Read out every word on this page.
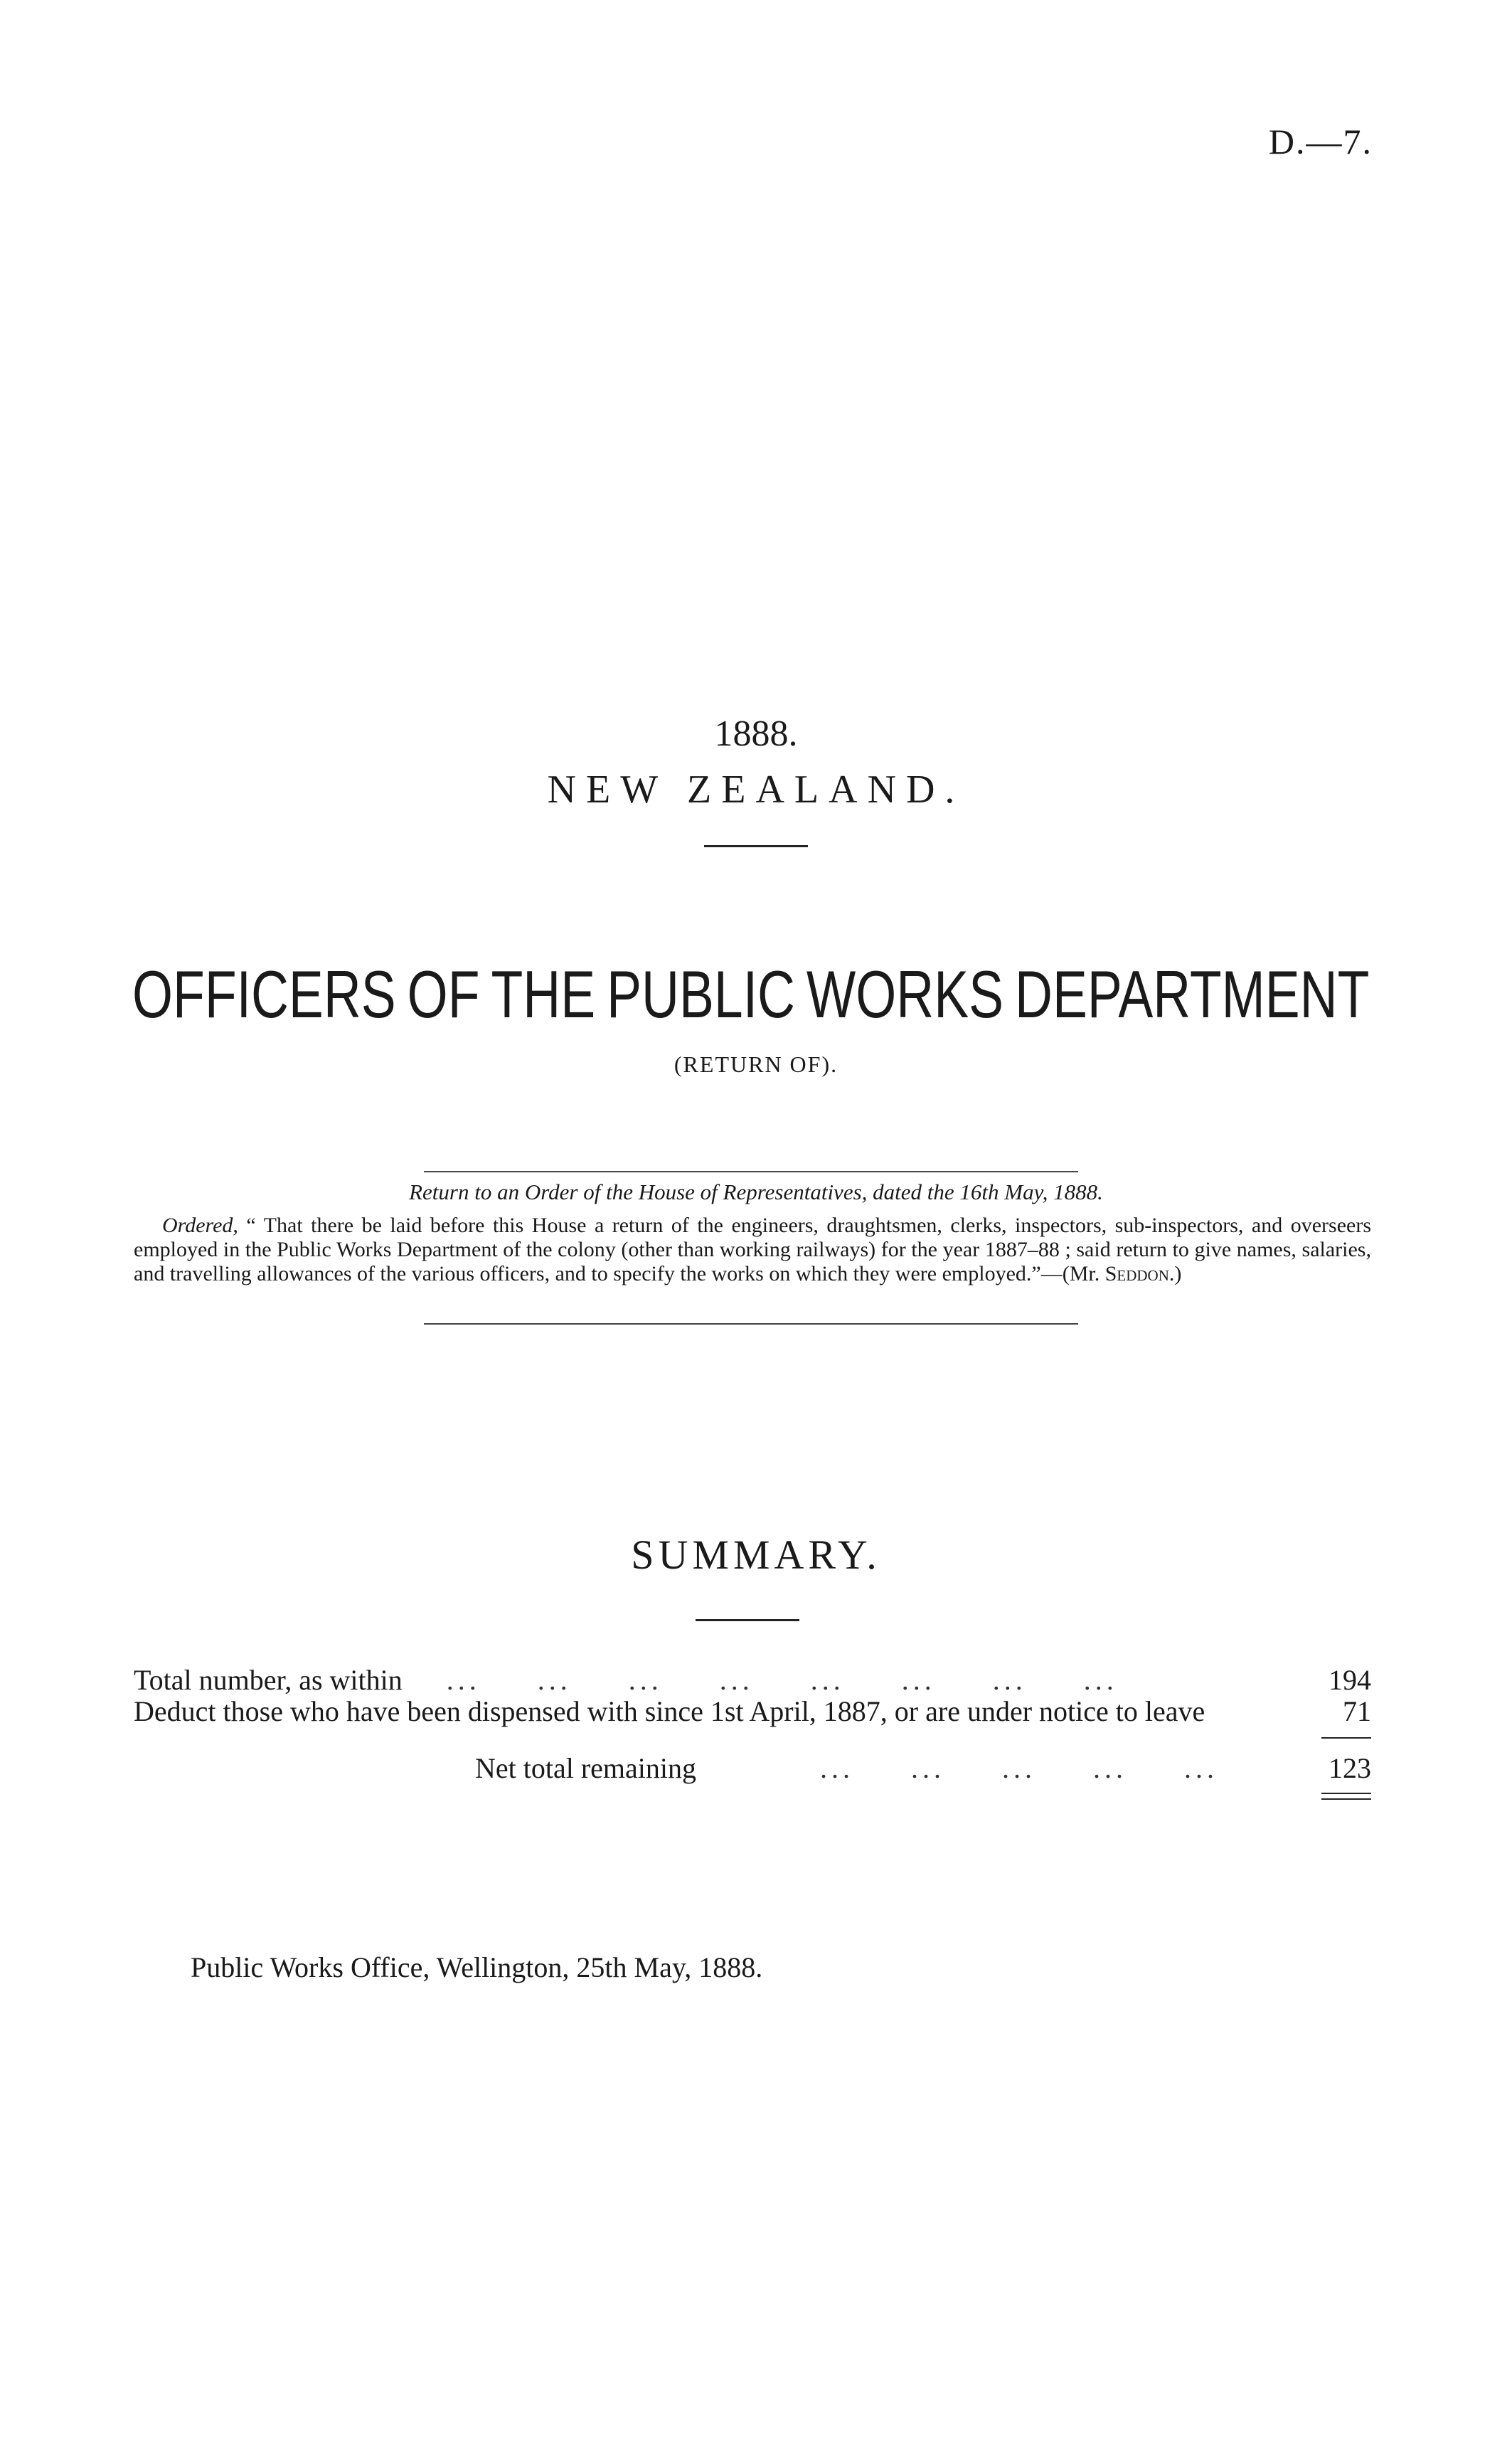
D.—7.
1888.
NEW ZEALAND.
OFFICERS OF THE PUBLIC WORKS DEPARTMENT
(RETURN OF).
Return to an Order of the House of Representatives, dated the 16th May, 1888.
Ordered, “ That there be laid before this House a return of the engineers, draughtsmen, clerks, inspectors, sub-inspectors, and overseers employed in the Public Works Department of the colony (other than working railways) for the year 1887–88 ; said return to give names, salaries, and travelling allowances of the various officers, and to specify the works on which they were employed.”—(Mr. Seddon.)
SUMMARY.
Total number, as within ...     ...     ...     ...     ...     ...     ...     ...	194
Deduct those who have been dispensed with since 1st April, 1887, or are under notice to leave	71
Net total remaining ...     ...     ...     ...     ...	123
Public Works Office, Wellington, 25th May, 1888.
